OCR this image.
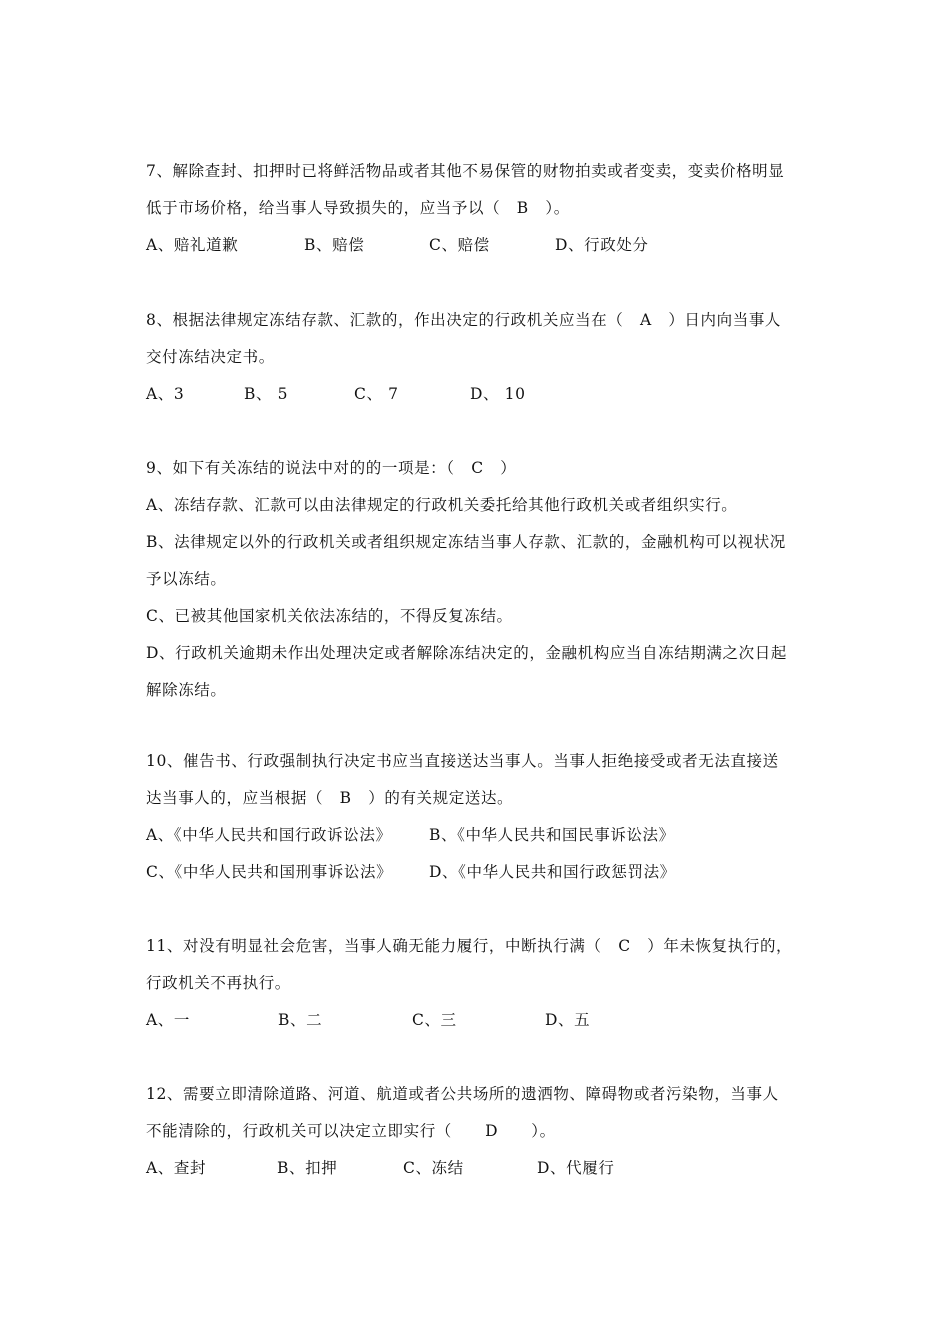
7、解除查封、扣押时已将鲜活物品或者其他不易保管的财物拍卖或者变卖，变卖价格明显
低于市场价格，给当事人导致损失的，应当予以（   B   ）。
A、赔礼道歉	B、赔偿	C、赔偿	D、行政处分
8、根据法律规定冻结存款、汇款的，作出决定的行政机关应当在（   A   ）日内向当事人
交付冻结决定书。
A、3	B、 5	C、 7	D、 10
9、如下有关冻结的说法中对的的一项是：（   C   ）
A、冻结存款、汇款可以由法律规定的行政机关委托给其他行政机关或者组织实行。
B、法律规定以外的行政机关或者组织规定冻结当事人存款、汇款的，金融机构可以视状况
予以冻结。
C、已被其他国家机关依法冻结的，不得反复冻结。
D、行政机关逾期未作出处理决定或者解除冻结决定的，金融机构应当自冻结期满之次日起
解除冻结。
10、催告书、行政强制执行决定书应当直接送达当事人。当事人拒绝接受或者无法直接送
达当事人的，应当根据（   B   ）的有关规定送达。
A、《中华人民共和国行政诉讼法》 B、《中华人民共和国民事诉讼法》
C、《中华人民共和国刑事诉讼法》 D、《中华人民共和国行政惩罚法》
11、对没有明显社会危害，当事人确无能力履行，中断执行满（   C   ）年未恢复执行的，
行政机关不再执行。
A、一	B、二	C、三	D、五
12、需要立即清除道路、河道、航道或者公共场所的遗洒物、障碍物或者污染物，当事人
不能清除的，行政机关可以决定立即实行（      D      ）。
A、查封	B、扣押	C、冻结	D、代履行
